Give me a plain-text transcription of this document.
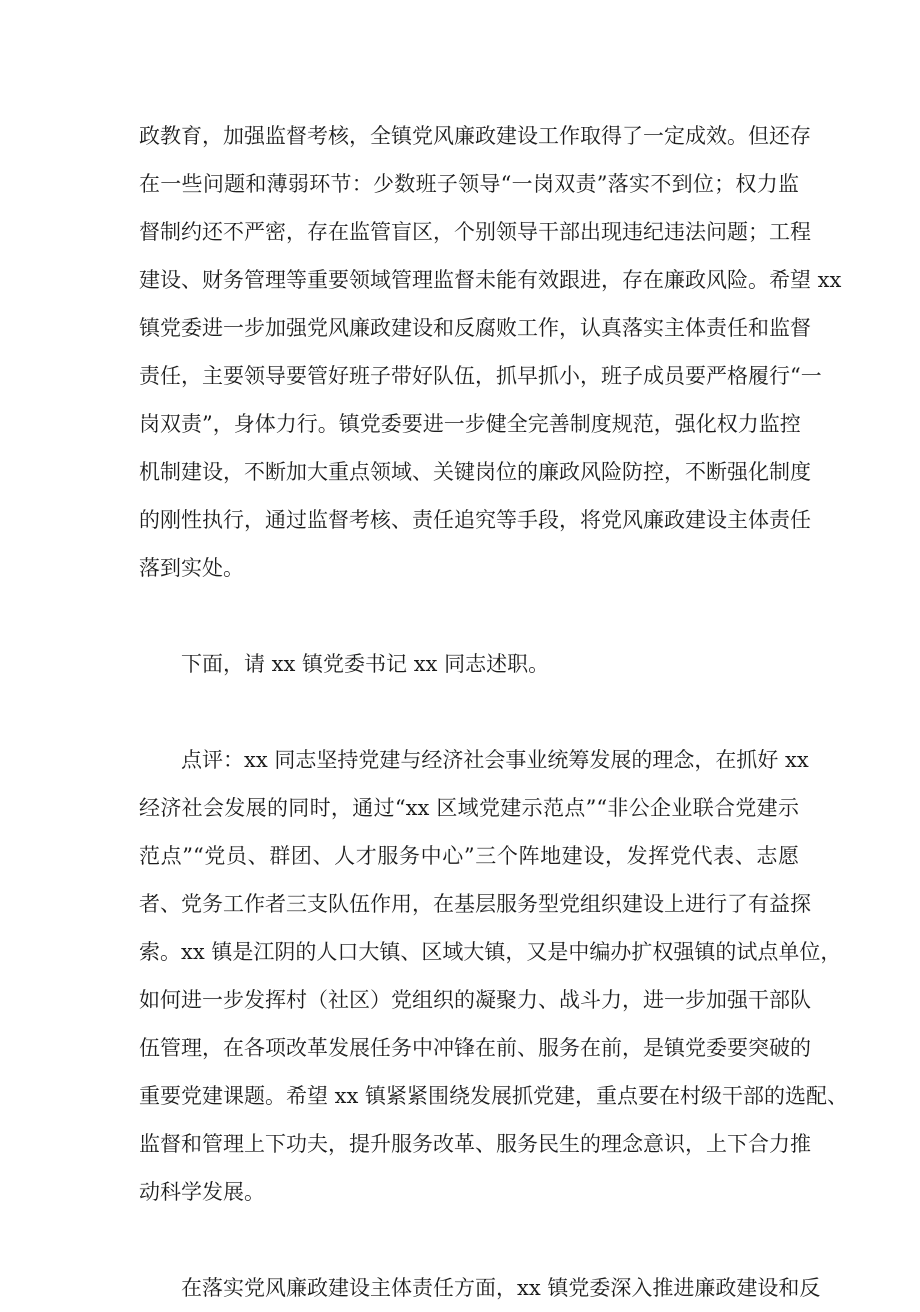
政教育，加强监督考核，全镇党风廉政建设工作取得了一定成效。但还存
在一些问题和薄弱环节：少数班子领导“一岗双责”落实不到位；权力监
督制约还不严密，存在监管盲区，个别领导干部出现违纪违法问题；工程
建设、财务管理等重要领域管理监督未能有效跟进，存在廉政风险。希望 xx
镇党委进一步加强党风廉政建设和反腐败工作，认真落实主体责任和监督
责任，主要领导要管好班子带好队伍，抓早抓小，班子成员要严格履行“一
岗双责”，身体力行。镇党委要进一步健全完善制度规范，强化权力监控
机制建设，不断加大重点领域、关键岗位的廉政风险防控，不断强化制度
的刚性执行，通过监督考核、责任追究等手段，将党风廉政建设主体责任
落到实处。
下面，请 xx 镇党委书记 xx 同志述职。
点评：xx 同志坚持党建与经济社会事业统筹发展的理念，在抓好 xx
经济社会发展的同时，通过“xx 区域党建示范点”“非公企业联合党建示
范点”“党员、群团、人才服务中心”三个阵地建设，发挥党代表、志愿
者、党务工作者三支队伍作用，在基层服务型党组织建设上进行了有益探
索。xx 镇是江阴的人口大镇、区域大镇，又是中编办扩权强镇的试点单位，
如何进一步发挥村（社区）党组织的凝聚力、战斗力，进一步加强干部队
伍管理，在各项改革发展任务中冲锋在前、服务在前，是镇党委要突破的
重要党建课题。希望 xx 镇紧紧围绕发展抓党建，重点要在村级干部的选配、
监督和管理上下功夫，提升服务改革、服务民生的理念意识，上下合力推
动科学发展。
在落实党风廉政建设主体责任方面，xx 镇党委深入推进廉政建设和反
